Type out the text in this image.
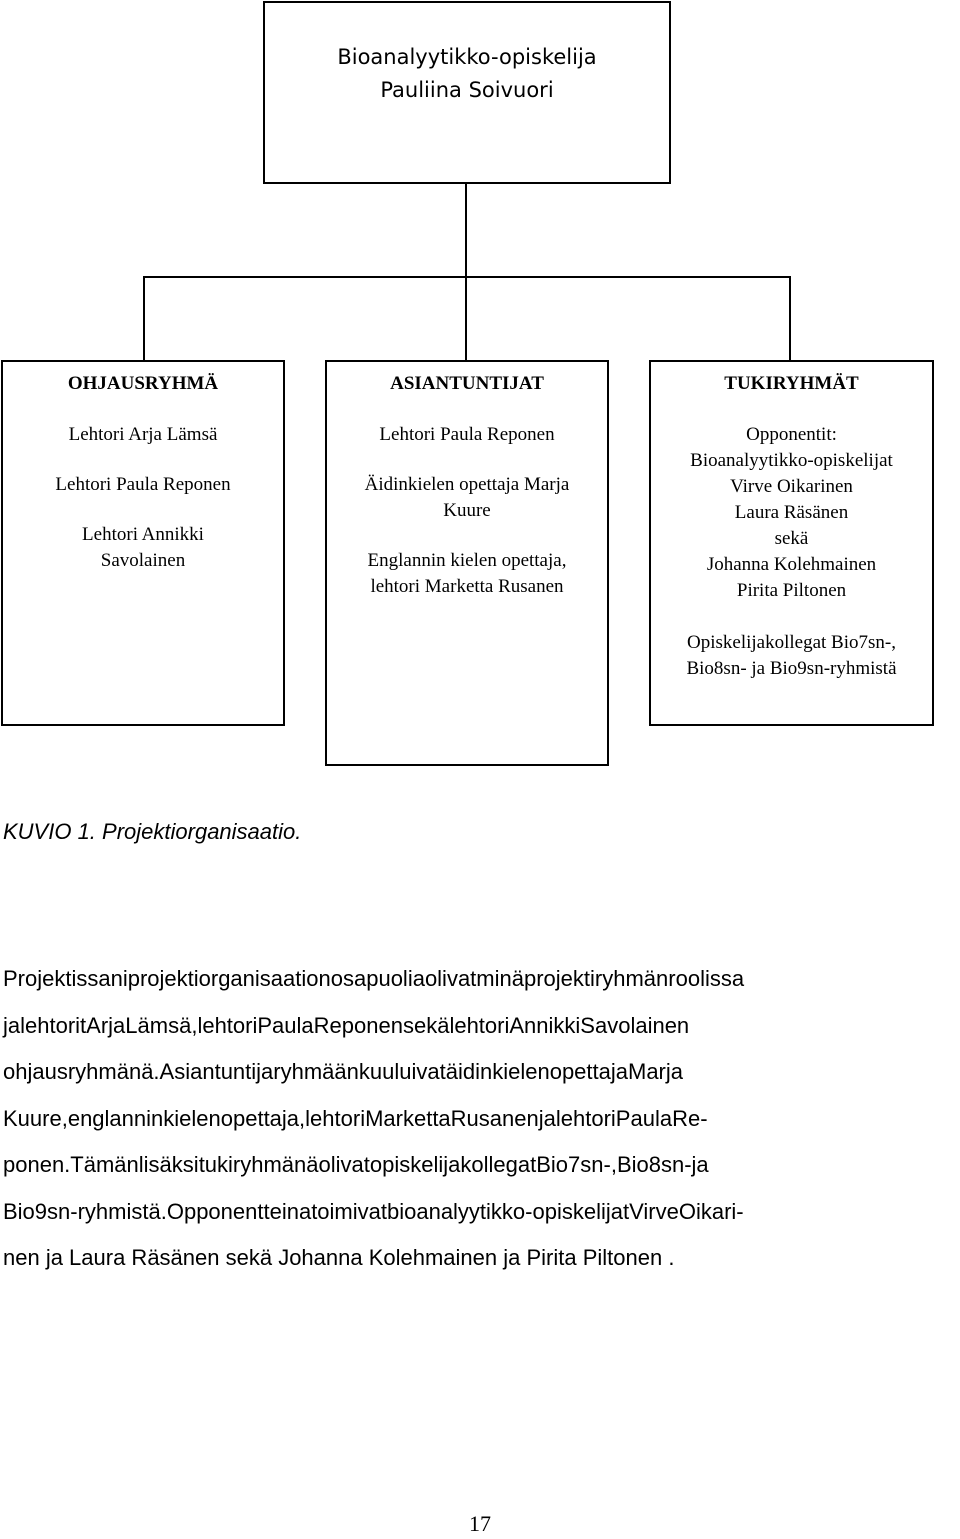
Bioanalyytikko-opiskelija
Pauliina Soivuori
OHJAUSRYHMÄ
Lehtori Arja Lämsä
Lehtori Paula Reponen
Lehtori Annikki
Savolainen
ASIANTUNTIJAT
Lehtori Paula Reponen
Äidinkielen opettaja Marja
Kuure
Englannin kielen opettaja,
lehtori Marketta Rusanen
TUKIRYHMÄT
Opponentit:
Bioanalyytikko-opiskelijat
Virve Oikarinen
Laura Räsänen
sekä
Johanna Kolehmainen
Pirita Piltonen
Opiskelijakollegat Bio7sn-,
Bio8sn- ja Bio9sn-ryhmistä
KUVIO 1. Projektiorganisaatio.
Projektissaniprojektiorganisaationosapuoliaolivatminäprojektiryhmänroolissa
jalehtoritArjaLämsä,lehtoriPaulaReponensekälehtoriAnnikkiSavolainen
ohjausryhmänä.AsiantuntijaryhmäänkuuluivatäidinkielenopettajaMarja
Kuure,englanninkielenopettaja,lehtoriMarkettaRusanenjalehtoriPaulaRe-
ponen.TämänlisäksitukiryhmänäolivatopiskelijakollegatBio7sn-,Bio8sn-ja
Bio9sn-ryhmistä.Opponentteinatoimivatbioanalyytikko-opiskelijatVirveOikari-
nen ja Laura Räsänen sekä Johanna Kolehmainen ja Pirita Piltonen .
17
